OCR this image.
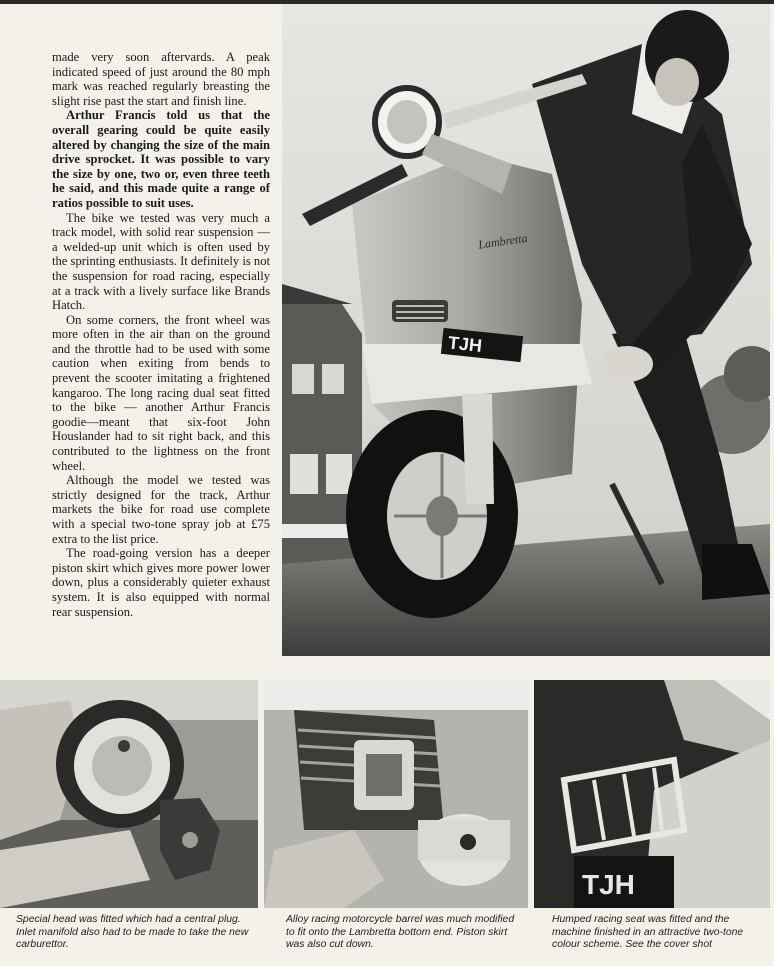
made very soon aftervards. A peak indicated speed of just around the 80 mph mark was reached regularly breasting the slight rise past the start and finish line.

Arthur Francis told us that the overall gearing could be quite easily altered by changing the size of the main drive sprocket. It was possible to vary the size by one, two or, even three teeth he said, and this made quite a range of ratios possible to suit uses.

The bike we tested was very much a track model, with solid rear suspension — a welded-up unit which is often used by the sprinting enthusiasts. It definitely is not the suspension for road racing, especially at a track with a lively surface like Brands Hatch.

On some corners, the front wheel was more often in the air than on the ground and the throttle had to be used with some caution when exiting from bends to prevent the scooter imitating a frightened kangaroo. The long racing dual seat fitted to the bike — another Arthur Francis goodie—meant that six-foot John Houslander had to sit right back, and this contributed to the lightness on the front wheel.

Although the model we tested was strictly designed for the track, Arthur markets the bike for road use complete with a special two-tone spray job at £75 extra to the list price.

The road-going version has a deeper piston skirt which gives more power lower down, plus a considerably quieter exhaust system. It is also equipped with normal rear suspension.

TJH
Lambretta
TJH
Special head was fitted which had a central plug. Inlet manifold also had to be made to take the new carburettor.
Alloy racing motorcycle barrel was much modified to fit onto the Lambretta bottom end. Piston skirt was also cut down.
Humped racing seat was fitted and the machine finished in an attractive two-tone colour scheme. See the cover shot
